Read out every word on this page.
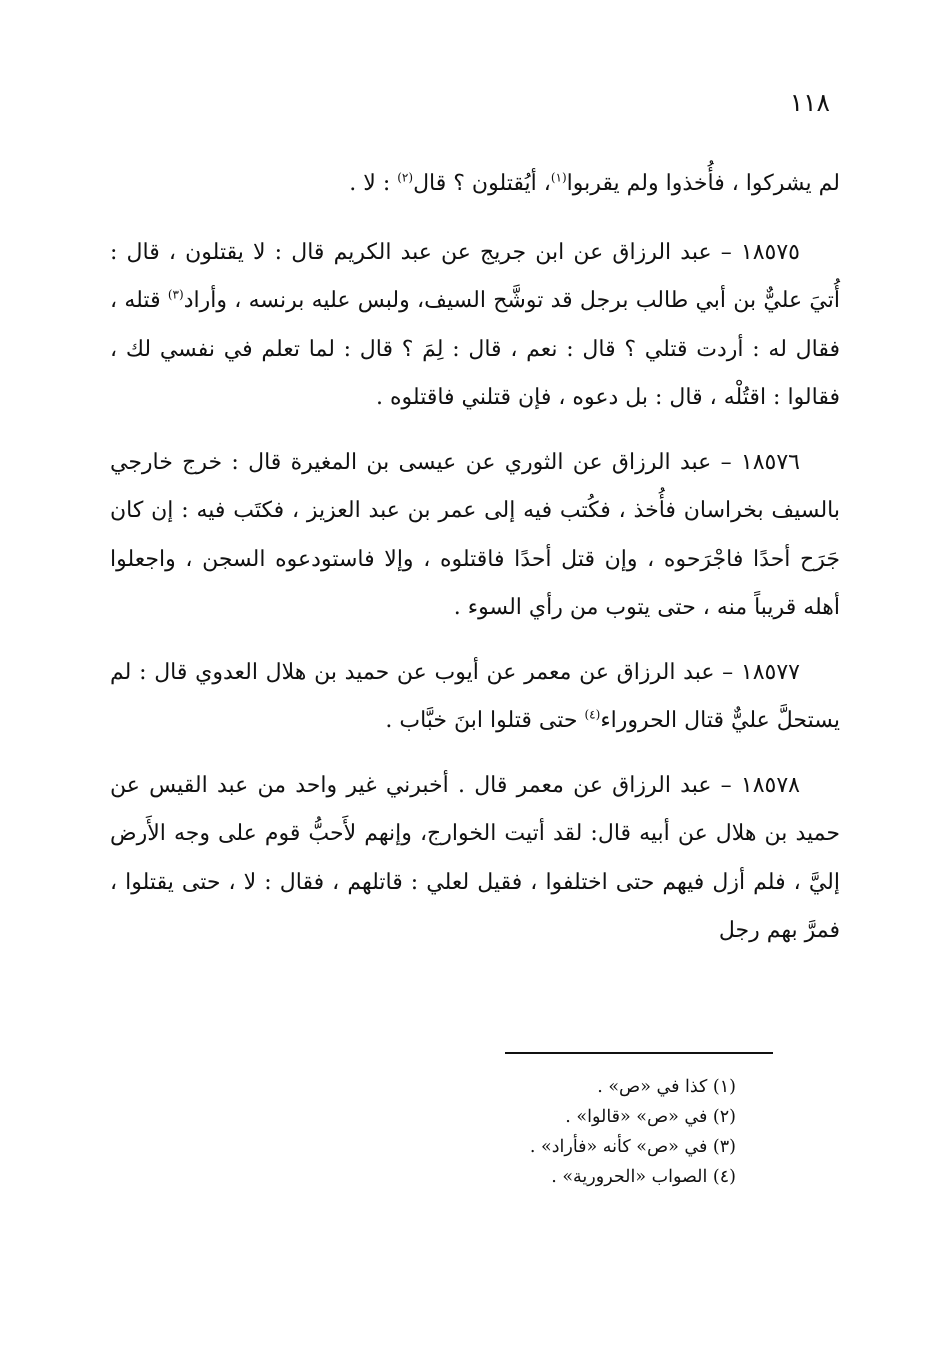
١١٨

لم يشركوا ، فأُخذوا ولم يقربوا$^{(١)}$، أيُقتلون ؟ قال$^{(٢)}$ : لا .

١٨٥٧٥ – عبد الرزاق عن ابن جريج عن عبد الكريم قال : لا يقتلون ، قال : أُتيَ عليٌّ بن أبي طالب برجل قد توشَّح السيف، ولبس عليه برنسه ، وأراد$^{(٣)}$ قتله ، فقال له : أردت قتلي ؟ قال : نعم ، قال : لِمَ ؟ قال : لما تعلم في نفسي لك ، فقالوا : اقتُلْه ، قال : بل دعوه ، فإن قتلني فاقتلوه .

١٨٥٧٦ – عبد الرزاق عن الثوري عن عيسى بن المغيرة قال : خرج خارجي بالسيف بخراسان فأُخذ ، فكُتب فيه إلى عمر بن عبد العزيز ، فكتَب فيه : إن كان جَرَح أحدًا فاجْرَحوه ، وإن قتل أحدًا فاقتلوه ، وإلا فاستودعوه السجن ، واجعلوا أهله قريباً منه ، حتى يتوب من رأي السوء .

١٨٥٧٧ – عبد الرزاق عن معمر عن أيوب عن حميد بن هلال العدوي قال : لم يستحلَّ عليٌّ قتال الحروراء$^{(٤)}$ حتى قتلوا ابنَ خبَّاب .

١٨٥٧٨ – عبد الرزاق عن معمر قال . أخبرني غير واحد من عبد القيس عن حميد بن هلال عن أبيه قال: لقد أتيت الخوارج، وإنهم لأَحبُّ قوم على وجه الأَرض إليَّ ، فلم أزل فيهم حتى اختلفوا ، فقيل لعلي : قاتلهم ، فقال : لا ، حتى يقتلوا ، فمرَّ بهم رجل

(١) كذا في «ص» .

(٢) في «ص» «قالوا» .

(٣) في «ص» كأنه «فأراد» .

(٤) الصواب «الحرورية» .
